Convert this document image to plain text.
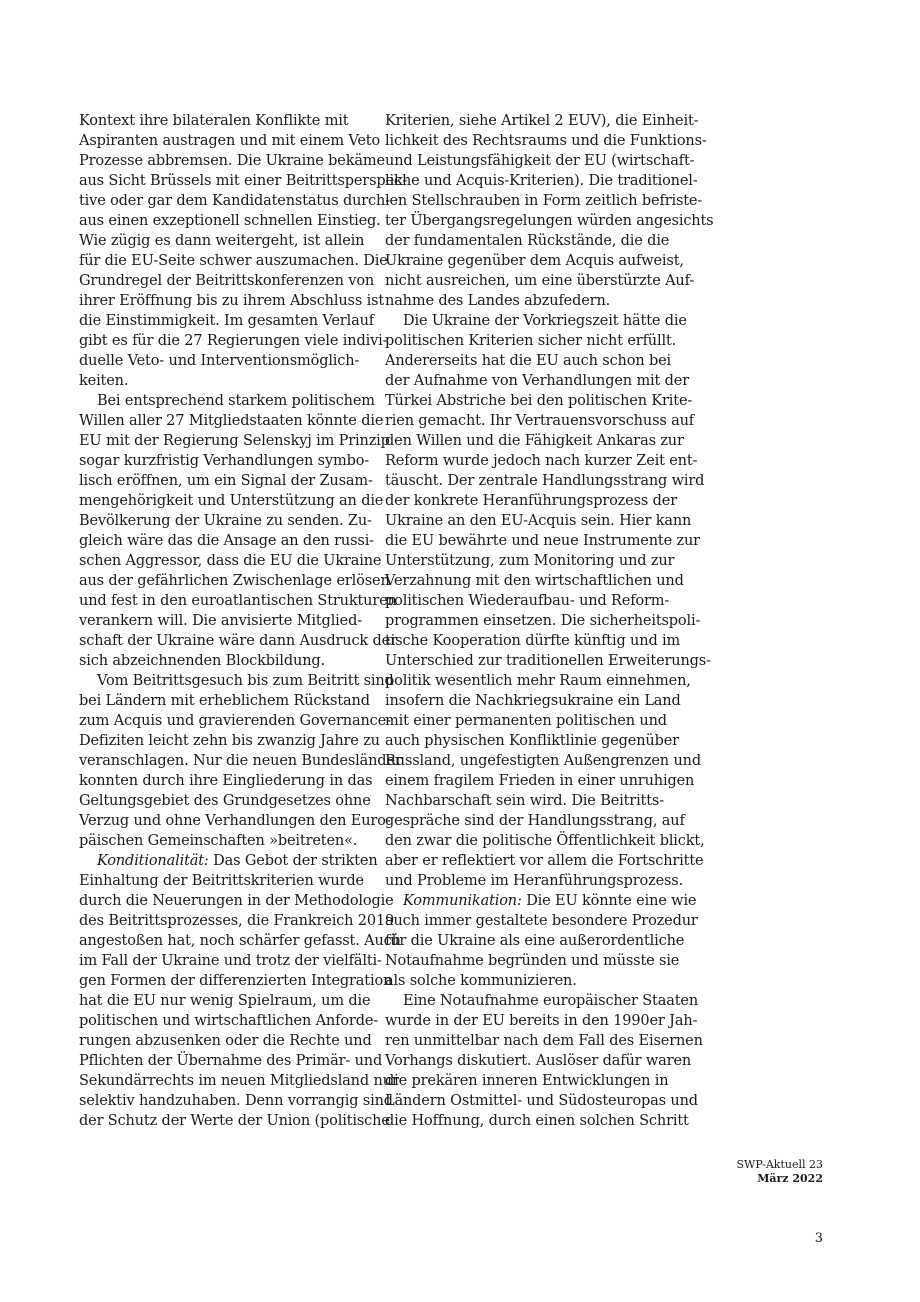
Kontext ihre bilateralen Konflikte mit
Aspiranten austragen und mit einem Veto
Prozesse abbremsen. Die Ukraine bekäme
aus Sicht Brüssels mit einer Beitrittsperspek-
tive oder gar dem Kandidatenstatus durch-
aus einen exzeptionell schnellen Einstieg.
Wie zügig es dann weitergeht, ist allein
für die EU-Seite schwer auszumachen. Die
Grundregel der Beitrittskonferenzen von
ihrer Eröffnung bis zu ihrem Abschluss ist
die Einstimmigkeit. Im gesamten Verlauf
gibt es für die 27 Regierungen viele indivi-
duelle Veto- und Interventionsmöglich-
keiten.
Bei entsprechend starkem politischem
Willen aller 27 Mitgliedstaaten könnte die
EU mit der Regierung Selenskyj im Prinzip
sogar kurzfristig Verhandlungen symbo-
lisch eröffnen, um ein Signal der Zusam-
mengehörigkeit und Unterstützung an die
Bevölkerung der Ukraine zu senden. Zu-
gleich wäre das die Ansage an den russi-
schen Aggressor, dass die EU die Ukraine
aus der gefährlichen Zwischenlage erlösen
und fest in den euroatlantischen Strukturen
verankern will. Die anvisierte Mitglied-
schaft der Ukraine wäre dann Ausdruck der
sich abzeichnenden Blockbildung.
Vom Beitrittsgesuch bis zum Beitritt sind
bei Ländern mit erheblichem Rückstand
zum Acquis und gravierenden Governance-
Defiziten leicht zehn bis zwanzig Jahre zu
veranschlagen. Nur die neuen Bundesländer
konnten durch ihre Eingliederung in das
Geltungsgebiet des Grundgesetzes ohne
Verzug und ohne Verhandlungen den Euro-
päischen Gemeinschaften »beitreten«.
Konditionalität: Das Gebot der strikten
Einhaltung der Beitrittskriterien wurde
durch die Neuerungen in der Methodologie
des Beitrittsprozesses, die Frankreich 2019
angestoßen hat, noch schärfer gefasst. Auch
im Fall der Ukraine und trotz der vielfälti-
gen Formen der differenzierten Integration
hat die EU nur wenig Spielraum, um die
politischen und wirtschaftlichen Anforde-
rungen abzusenken oder die Rechte und
Pflichten der Übernahme des Primär- und
Sekundärrechts im neuen Mitgliedsland nur
selektiv handzuhaben. Denn vorrangig sind
der Schutz der Werte der Union (politische
Kriterien, siehe Artikel 2 EUV), die Einheit-
lichkeit des Rechtsraums und die Funktions-
und Leistungsfähigkeit der EU (wirtschaft-
liche und Acquis-Kriterien). Die traditionel-
len Stellschrauben in Form zeitlich befriste-
ter Übergangsregelungen würden angesichts
der fundamentalen Rückstände, die die
Ukraine gegenüber dem Acquis aufweist,
nicht ausreichen, um eine überstürzte Auf-
nahme des Landes abzufedern.
Die Ukraine der Vorkriegszeit hätte die
politischen Kriterien sicher nicht erfüllt.
Andererseits hat die EU auch schon bei
der Aufnahme von Verhandlungen mit der
Türkei Abstriche bei den politischen Krite-
rien gemacht. Ihr Vertrauensvorschuss auf
den Willen und die Fähigkeit Ankaras zur
Reform wurde jedoch nach kurzer Zeit ent-
täuscht. Der zentrale Handlungsstrang wird
der konkrete Heranführungsprozess der
Ukraine an den EU-Acquis sein. Hier kann
die EU bewährte und neue Instrumente zur
Unterstützung, zum Monitoring und zur
Verzahnung mit den wirtschaftlichen und
politischen Wiederaufbau- und Reform-
programmen einsetzen. Die sicherheitspoli-
tische Kooperation dürfte künftig und im
Unterschied zur traditionellen Erweiterungs-
politik wesentlich mehr Raum einnehmen,
insofern die Nachkriegsukraine ein Land
mit einer permanenten politischen und
auch physischen Konfliktlinie gegenüber
Russland, ungefestigten Außengrenzen und
einem fragilem Frieden in einer unruhigen
Nachbarschaft sein wird. Die Beitritts-
gespräche sind der Handlungsstrang, auf
den zwar die politische Öffentlichkeit blickt,
aber er reflektiert vor allem die Fortschritte
und Probleme im Heranführungsprozess.
Kommunikation: Die EU könnte eine wie
auch immer gestaltete besondere Prozedur
für die Ukraine als eine außerordentliche
Notaufnahme begründen und müsste sie
als solche kommunizieren.
Eine Notaufnahme europäischer Staaten
wurde in der EU bereits in den 1990er Jah-
ren unmittelbar nach dem Fall des Eisernen
Vorhangs diskutiert. Auslöser dafür waren
die prekären inneren Entwicklungen in
Ländern Ostmittel- und Südosteuropas und
die Hoffnung, durch einen solchen Schritt
SWP-Aktuell 23
März 2022
3
